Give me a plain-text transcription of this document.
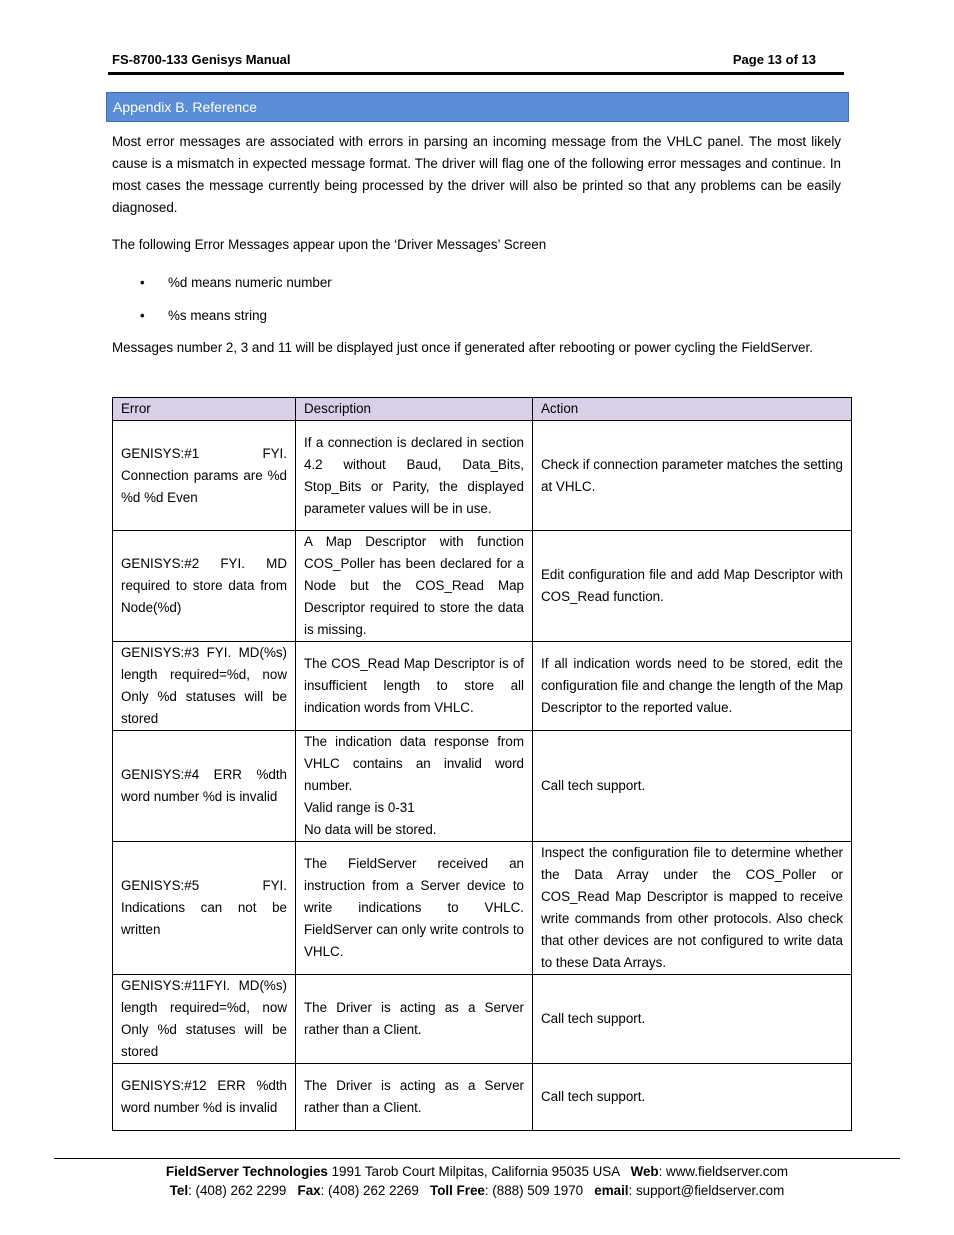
FS-8700-133 Genisys Manual	Page 13 of 13
Appendix B. Reference
Most error messages are associated with errors in parsing an incoming message from the VHLC panel. The most likely cause is a mismatch in expected message format. The driver will flag one of the following error messages and continue. In most cases the message currently being processed by the driver will also be printed so that any problems can be easily diagnosed.
The following Error Messages appear upon the ‘Driver Messages’ Screen
• %d means numeric number
• %s means string
Messages number 2, 3 and 11 will be displayed just once if generated after rebooting or power cycling the FieldServer.
Error	Description	Action
GENISYS:#1 FYI. Connection params are %d %d %d Even	If a connection is declared in section 4.2 without Baud, Data_Bits, Stop_Bits or Parity, the displayed parameter values will be in use.	Check if connection parameter matches the setting at VHLC.
GENISYS:#2 FYI. MD required to store data from Node(%d)	A Map Descriptor with function COS_Poller has been declared for a Node but the COS_Read Map Descriptor required to store the data is missing.	Edit configuration file and add Map Descriptor with COS_Read function.
GENISYS:#3 FYI. MD(%s) length required=%d, now Only %d statuses will be stored	The COS_Read Map Descriptor is of insufficient length to store all indication words from VHLC.	If all indication words need to be stored, edit the configuration file and change the length of the Map Descriptor to the reported value.
GENISYS:#4 ERR %dth word number %d is invalid	The indication data response from VHLC contains an invalid word number.
Valid range is 0-31
No data will be stored.	Call tech support.
GENISYS:#5 FYI. Indications can not be written	The FieldServer received an instruction from a Server device to write indications to VHLC. FieldServer can only write controls to VHLC.	Inspect the configuration file to determine whether the Data Array under the COS_Poller or COS_Read Map Descriptor is mapped to receive write commands from other protocols. Also check that other devices are not configured to write data to these Data Arrays.
GENISYS:#11FYI. MD(%s) length required=%d, now Only %d statuses will be stored	The Driver is acting as a Server rather than a Client.	Call tech support.
GENISYS:#12 ERR %dth word number %d is invalid	The Driver is acting as a Server rather than a Client.	Call tech support.
FieldServer Technologies 1991 Tarob Court Milpitas, California 95035 USA   Web: www.fieldserver.com
Tel: (408) 262 2299   Fax: (408) 262 2269   Toll Free: (888) 509 1970   email: support@fieldserver.com
